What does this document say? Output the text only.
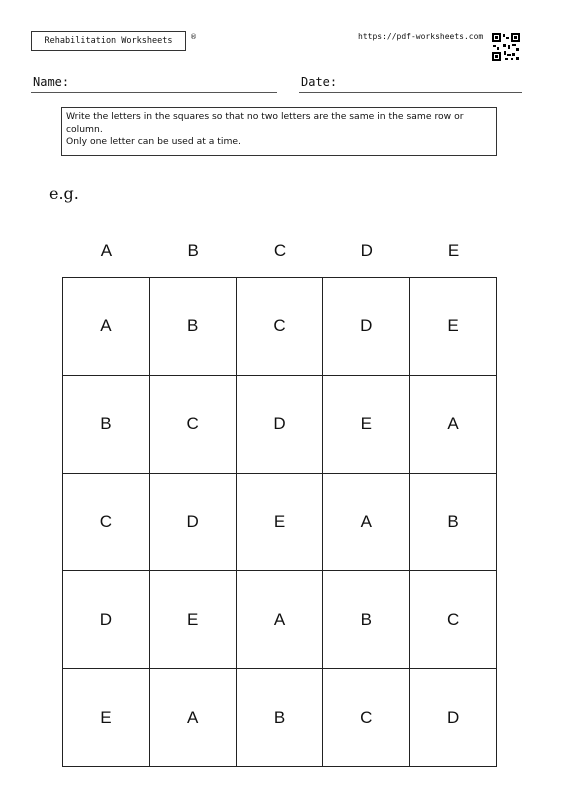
Rehabilitation Worksheets	®	https://pdf-worksheets.com
Name:	Date:
Write the letters in the squares so that no two letters are the same in the same row or column.
Only one letter can be used at a time.
e.g.
A	B	C	D	E
A	B	C	D	E
B	C	D	E	A
C	D	E	A	B
D	E	A	B	C
E	A	B	C	D
